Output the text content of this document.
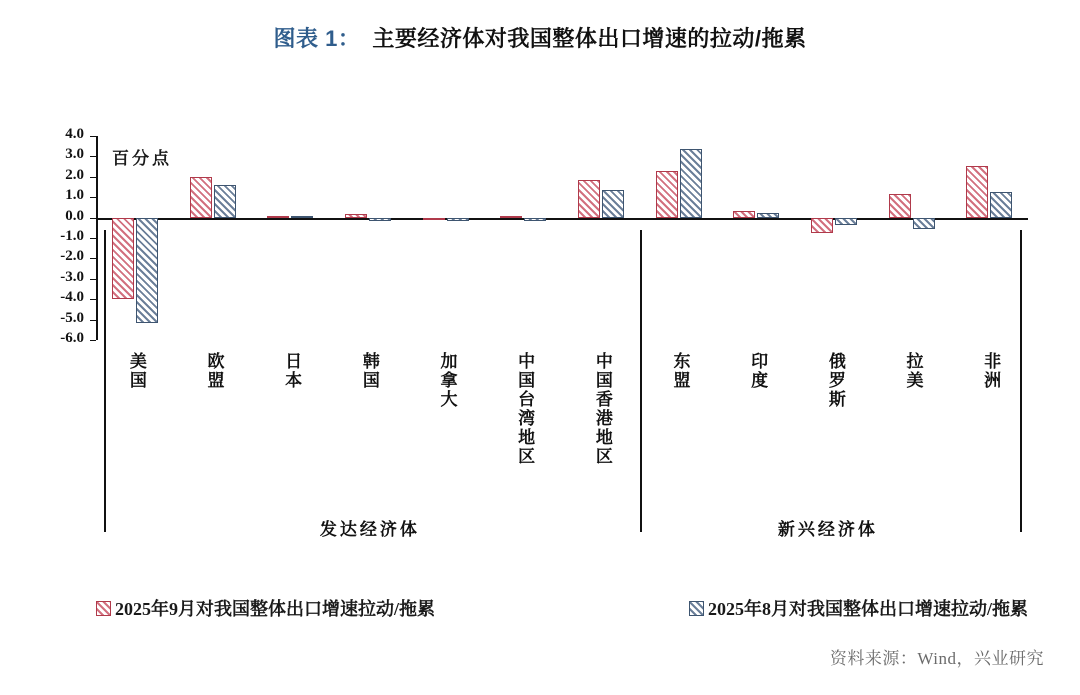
图表 1： 主要经济体对我国整体出口增速的拉动/拖累
4.0
3.0
2.0
1.0
0.0
-1.0
-2.0
-3.0
-4.0
-5.0
-6.0
百分点
美国	欧盟	日本	韩国	加拿大	中国台湾地区	中国香港地区	东盟	印度	俄罗斯	拉美	非洲
发达经济体	新兴经济体
2025年9月对我国整体出口增速拉动/拖累	2025年8月对我国整体出口增速拉动/拖累
资料来源：Wind，兴业研究
